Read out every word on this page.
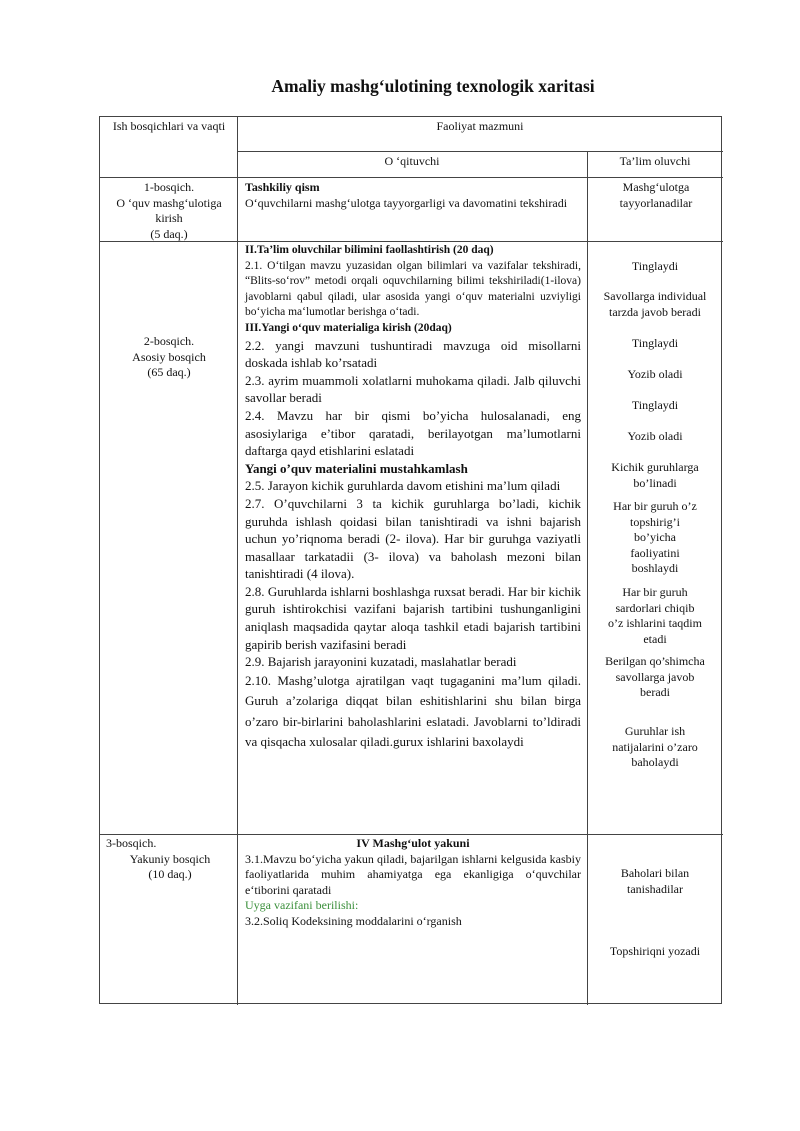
Amaliy mashg‘ulotining texnologik xaritasi
Ish bosqichlari va vaqti	Faoliyat mazmuni
O ‘qituvchi	Ta’lim oluvchi

1-bosqich.

O ‘quv mashg‘ulotiga kirish

(5 daq.)

Tashkiliy qism

O‘quvchilarni mashg‘ulotga tayyorgarligi va davomatini tekshiradi

Mashg‘ulotga tayyorlanadilar

2-bosqich.

Asosiy bosqich

(65 daq.)

II.Ta’lim oluvchilar bilimini faollashtirish (20 daq)

2.1. O‘tilgan mavzu yuzasidan olgan bilimlari va vazifalar tekshiradi, “Blits-so‘rov” metodi orqali oquvchilarning bilimi tekshiriladi(1-ilova) javoblarni qabul qiladi, ular asosida yangi o‘quv materialni uzviyligi bo‘yicha ma‘lumotlar berishga o‘tadi.

III.Yangi o‘quv materialiga kirish (20daq)

2.2. yangi mavzuni tushuntiradi mavzuga oid misollarni doskada ishlab ko’rsatadi

2.3. ayrim muammoli xolatlarni muhokama qiladi. Jalb qiluvchi savollar beradi

2.4. Mavzu har bir qismi bo’yicha hulosalanadi, eng asosiylariga e’tibor qaratadi, berilayotgan ma’lumotlarni daftarga qayd etishlarini eslatadi

Yangi o’quv materialini mustahkamlash

2.5. Jarayon kichik guruhlarda davom etishini ma’lum qiladi

2.7. O’quvchilarni 3 ta kichik guruhlarga bo’ladi, kichik guruhda ishlash qoidasi bilan tanishtiradi va ishni bajarish uchun yo’riqnoma beradi (2- ilova). Har bir guruhga vaziyatli masallaar tarkatadii (3- ilova) va baholash mezoni bilan tanishtiradi (4 ilova).

2.8. Guruhlarda ishlarni boshlashga ruxsat beradi. Har bir kichik guruh ishtirokchisi vazifani bajarish tartibini tushunganligini aniqlash maqsadida qaytar aloqa tashkil etadi bajarish tartibini gapirib berish vazifasini beradi

2.9. Bajarish jarayonini kuzatadi, maslahatlar beradi

2.10. Mashg’ulotga ajratilgan vaqt tugaganini ma’lum qiladi. Guruh a’zolariga diqqat bilan eshitishlarini shu bilan birga o’zaro bir-birlarini baholashlarini eslatadi. Javoblarni to’ldiradi va qisqacha xulosalar qiladi.gurux ishlarini baxolaydi

Tinglaydi
Savollarga individual tarzda javob beradi
Tinglaydi
Yozib oladi
Tinglaydi
Yozib oladi
Kichik guruhlarga bo’linadi
Har bir guruh o’z topshirig’i bo’yicha faoliyatini boshlaydi
Har bir guruh sardorlari chiqib o’z ishlarini taqdim etadi
Berilgan qo’shimcha savollarga javob beradi
Guruhlar ish natijalarini o’zaro baholaydi

3-bosqich.

Yakuniy bosqich

(10 daq.)

IV Mashg‘ulot yakuni

3.1.Mavzu bo‘yicha yakun qiladi, bajarilgan ishlarni kelgusida kasbiy faoliyatlarida muhim ahamiyatga ega ekanligiga o‘quvchilar e‘tiborini qaratadi

Uyga vazifani berilishi:

3.2.Soliq Kodeksining moddalarini o‘rganish

Baholari bilan tanishadilar
Topshiriqni yozadi
